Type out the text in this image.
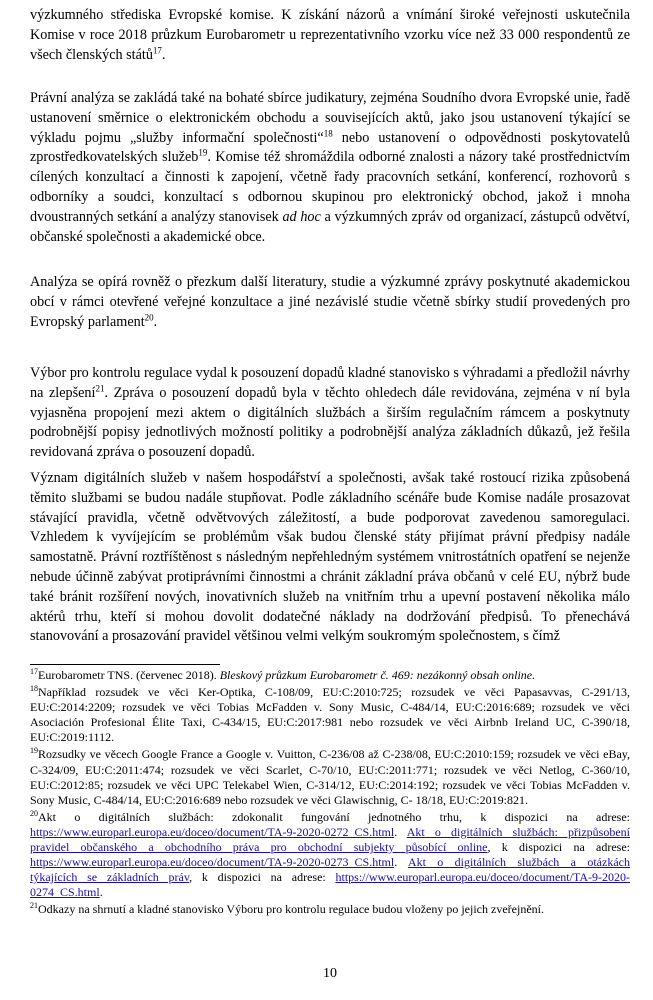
výzkumného střediska Evropské komise. K získání názorů a vnímání široké veřejnosti uskutečnila Komise v roce 2018 průzkum Eurobarometr u reprezentativního vzorku více než 33 000 respondentů ze všech členských států$^{17}$.

Právní analýza se zakládá také na bohaté sbírce judikatury, zejména Soudního dvora Evropské unie, řadě ustanovení směrnice o elektronickém obchodu a souvisejících aktů, jako jsou ustanovení týkající se výkladu pojmu „služby informační společnosti“$^{18}$ nebo ustanovení o odpovědnosti poskytovatelů zprostředkovatelských služeb$^{19}$. Komise též shromáždila odborné znalosti a názory také prostřednictvím cílených konzultací a činnosti k zapojení, včetně řady pracovních setkání, konferencí, rozhovorů s odborníky a soudci, konzultací s odbornou skupinou pro elektronický obchod, jakož i mnoha dvoustranných setkání a analýzy stanovisek ad hoc a výzkumných zpráv od organizací, zástupců odvětví, občanské společnosti a akademické obce.

Analýza se opírá rovněž o přezkum další literatury, studie a výzkumné zprávy poskytnuté akademickou obcí v rámci otevřené veřejné konzultace a jiné nezávislé studie včetně sbírky studií provedených pro Evropský parlament$^{20}$.

Výbor pro kontrolu regulace vydal k posouzení dopadů kladné stanovisko s výhradami a předložil návrhy na zlepšení$^{21}$. Zpráva o posouzení dopadů byla v těchto ohledech dále revidována, zejména v ní byla vyjasněna propojení mezi aktem o digitálních službách a širším regulačním rámcem a poskytnuty podrobnější popisy jednotlivých možností politiky a podrobnější analýza základních důkazů, jež řešila revidovaná zpráva o posouzení dopadů.

Význam digitálních služeb v našem hospodářství a společnosti, avšak také rostoucí rizika způsobená těmito službami se budou nadále stupňovat. Podle základního scénáře bude Komise nadále prosazovat stávající pravidla, včetně odvětvových záležitostí, a bude podporovat zavedenou samoregulaci. Vzhledem k vyvíjejícím se problémům však budou členské státy přijímat právní předpisy nadále samostatně. Právní roztříštěnost s následným nepřehledným systémem vnitrostátních opatření se nejenže nebude účinně zabývat protiprávními činnostmi a chránit základní práva občanů v celé EU, nýbrž bude také bránit rozšíření nových, inovativních služeb na vnitřním trhu a upevní postavení několika málo aktérů trhu, kteří si mohou dovolit dodatečné náklady na dodržování předpisů. To přenechává stanovování a prosazování pravidel většinou velmi velkým soukromým společnostem, s čímž

$^{17}$Eurobarometr TNS. (červenec 2018). Bleskový průzkum Eurobarometr č. 469: nezákonný obsah online.

$^{18}$Například rozsudek ve věci Ker-Optika, C-108/09, EU:C:2010:725; rozsudek ve věci Papasavvas, C-291/13, EU:C:2014:2209; rozsudek ve věci Tobias McFadden v. Sony Music, C-484/14, EU:C:2016:689; rozsudek ve věci Asociación Profesional Élite Taxi, C-434/15, EU:C:2017:981 nebo rozsudek ve věci Airbnb Ireland UC, C-390/18, EU:C:2019:1112.

$^{19}$Rozsudky ve věcech Google France a Google v. Vuitton, C-236/08 až C-238/08, EU:C:2010:159; rozsudek ve věci eBay, C-324/09, EU:C:2011:474; rozsudek ve věci Scarlet, C-70/10, EU:C:2011:771; rozsudek ve věci Netlog, C-360/10, EU:C:2012:85; rozsudek ve věci UPC Telekabel Wien, C-314/12, EU:C:2014:192; rozsudek ve věci Tobias McFadden v. Sony Music, C-484/14, EU:C:2016:689 nebo rozsudek ve věci Glawischnig, C- 18/18, EU:C:2019:821.

$^{20}$Akt o digitálních službách: zdokonalit fungování jednotného trhu, k dispozici na adrese: https://www.europarl.europa.eu/doceo/document/TA-9-2020-0272_CS.html. Akt o digitálních službách: přizpůsobení pravidel občanského a obchodního práva pro obchodní subjekty působící online, k dispozici na adrese: https://www.europarl.europa.eu/doceo/document/TA-9-2020-0273_CS.html. Akt o digitálních službách a otázkách týkajících se základních práv, k dispozici na adrese: https://www.europarl.europa.eu/doceo/document/TA-9-2020-0274_CS.html.

$^{21}$Odkazy na shrnutí a kladné stanovisko Výboru pro kontrolu regulace budou vloženy po jejich zveřejnění.

10
